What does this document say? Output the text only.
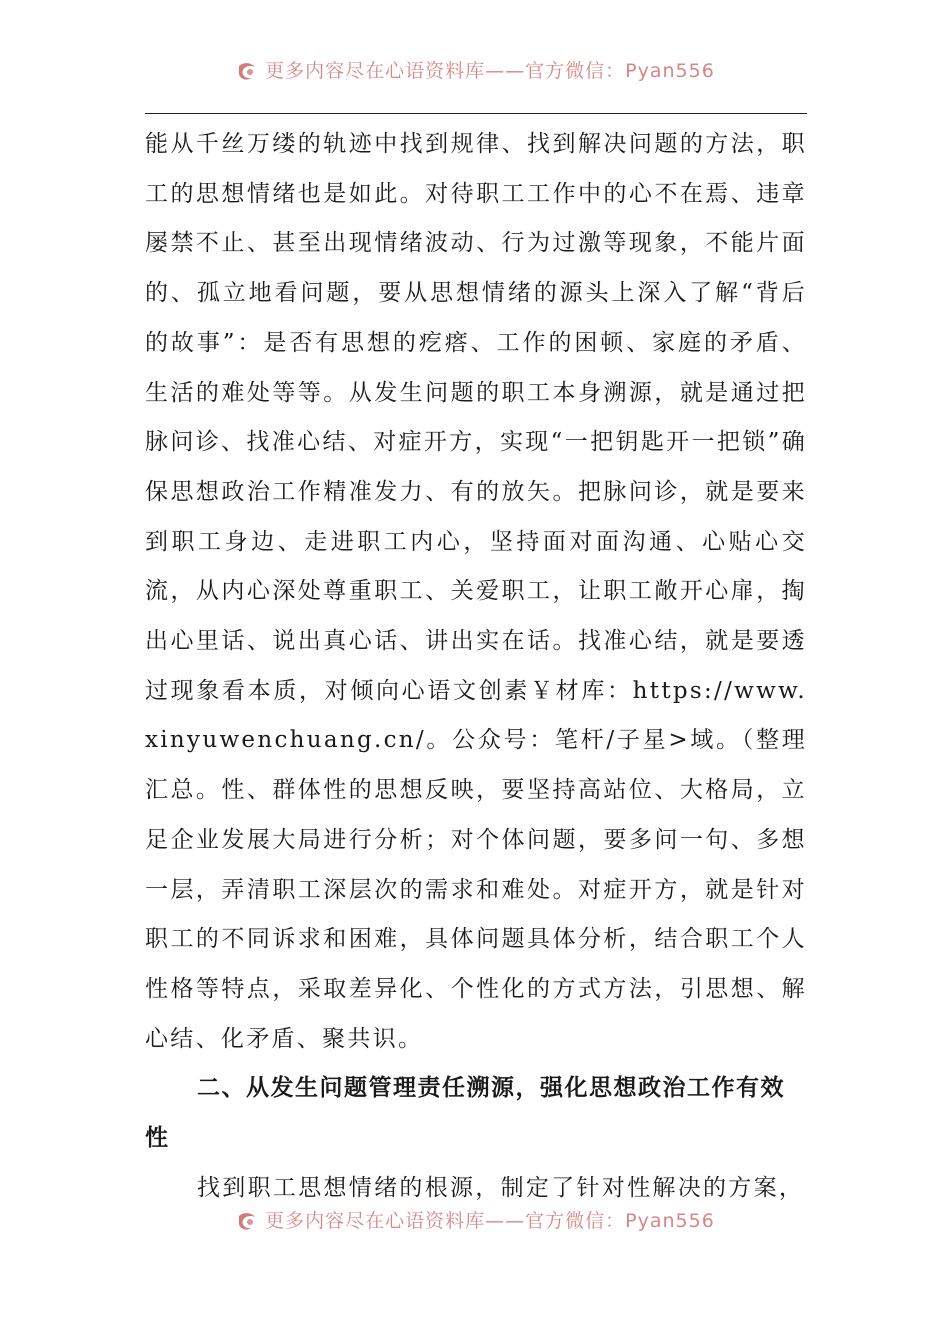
更多内容尽在心语资料库——官方微信：Pyan556

能从千丝万缕的轨迹中找到规律、找到解决问题的方法，职工的思想情绪也是如此。对待职工工作中的心不在焉、违章屡禁不止、甚至出现情绪波动、行为过激等现象，不能片面的、孤立地看问题，要从思想情绪的源头上深入了解“背后的故事”：是否有思想的疙瘩、工作的困顿、家庭的矛盾、生活的难处等等。从发生问题的职工本身溯源，就是通过把脉问诊、找准心结、对症开方，实现“一把钥匙开一把锁”确保思想政治工作精准发力、有的放矢。把脉问诊，就是要来到职工身边、走进职工内心，坚持面对面沟通、心贴心交流，从内心深处尊重职工、关爱职工，让职工敞开心扉，掏出心里话、说出真心话、讲出实在话。找准心结，就是要透过现象看本质，对倾向心语文创素￥材库：https://www.xinyuwenchuang.cn/。公众号：笔杆/子星>域。（整理汇总。性、群体性的思想反映，要坚持高站位、大格局，立足企业发展大局进行分析；对个体问题，要多问一句、多想一层，弄清职工深层次的需求和难处。对症开方，就是针对职工的不同诉求和困难，具体问题具体分析，结合职工个人性格等特点，采取差异化、个性化的方式方法，引思想、解心结、化矛盾、聚共识。

二、从发生问题管理责任溯源，强化思想政治工作有效性

找到职工思想情绪的根源，制定了针对性解决的方案，

更多内容尽在心语资料库——官方微信：Pyan556
